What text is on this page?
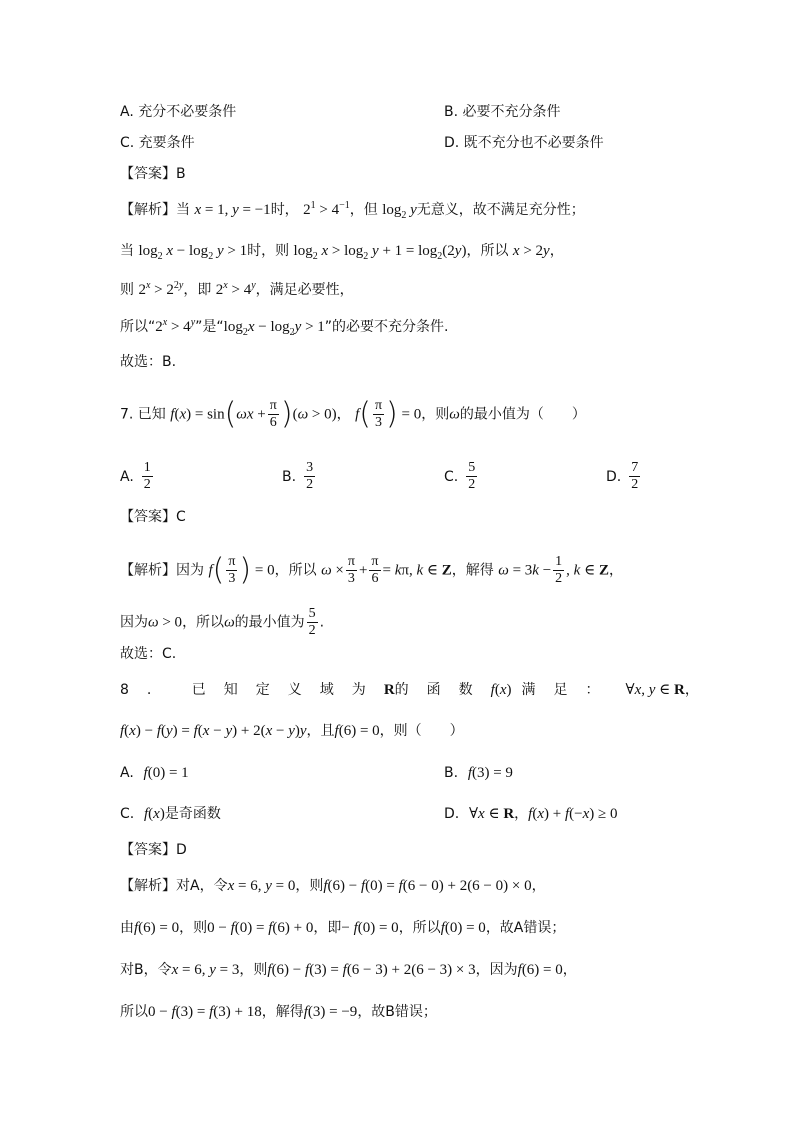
A. 充分不必要条件	B. 必要不充分条件
C. 充要条件	D. 既不充分也不必要条件
【答案】B
【解析】当 x = 1, y = −1时， $2^1 > 4^{-1}$，但 $\log_2 y$无意义，故不满足充分性；
当 $\log_2 x - \log_2 y > 1$时，则 $\log_2 x > \log_2 y + 1 = \log_2(2y)$，所以 x > 2y，
则 $2^x > 2^{2y}$，即 $2^x > 4^y$，满足必要性，
所以“$2^x > 4^y$”是“$\log_2x - \log_2y > 1$”的必要不充分条件.
故选：B.
7. 已知 $f(x) = \sin(\omega x + \frac{\pi}{6} )(\omega > 0)$， $f( \frac{\pi}{3}$ ) = 0，则ω的最小值为（　　）
A. $\frac{1}{2}$	B. $\frac{3}{2}$	C. $\frac{5}{2}$	D. $\frac{7}{2}$
【答案】C
【解析】因为 $f( \frac{\pi}{3}$ ) = 0，所以 $\omega \times \frac{\pi}{3} + \frac{\pi}{6} = k\pi$, k ∈ Z，解得 $\omega = 3k - \frac{1}{2}$ , k ∈ Z，
因为ω > 0，所以ω的最小值为 $\frac{5}{2}$ .
故选：C.
8. 已知定义域为R的函数f(x) 满足： ∀x, y ∈ R，
f(x) − f(y) = f(x − y) + 2(x − y)y，且f(6) = 0，则（　　）
A. f(0) = 1	B. f(3) = 9
C. f(x)是奇函数	D. ∀x ∈ R，f(x) + f(−x) ≥ 0
【答案】D
【解析】对A，令x = 6, y = 0，则f(6) − f(0) = f(6 − 0) + 2(6 − 0) × 0，
由f(6) = 0，则0 − f(0) = f(6) + 0，即− f(0) = 0，所以f(0) = 0，故A错误；
对B，令x = 6, y = 3，则f(6) − f(3) = f(6 − 3) + 2(6 − 3) × 3，因为f(6) = 0，
所以0 − f(3) = f(3) + 18，解得f(3) = −9，故B错误；
